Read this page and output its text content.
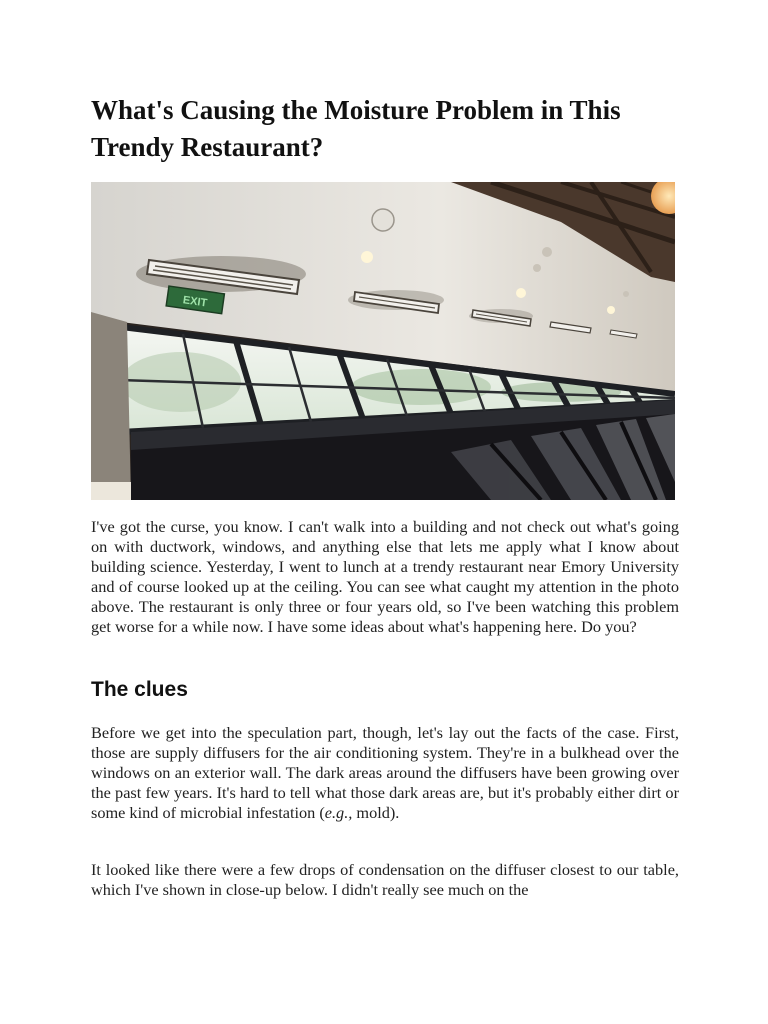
What's Causing the Moisture Problem in This Trendy Restaurant?
EXIT

I've got the curse, you know. I can't walk into a building and not check out what's going on with ductwork, windows, and anything else that lets me apply what I know about building science. Yesterday, I went to lunch at a trendy restaurant near Emory University and of course looked up at the ceiling. You can see what caught my attention in the photo above. The restaurant is only three or four years old, so I've been watching this problem get worse for a while now. I have some ideas about what's happening here. Do you?

The clues

Before we get into the speculation part, though, let's lay out the facts of the case. First, those are supply diffusers for the air conditioning system. They're in a bulkhead over the windows on an exterior wall. The dark areas around the diffusers have been growing over the past few years. It's hard to tell what those dark areas are, but it's probably either dirt or some kind of microbial infestation (e.g., mold).

It looked like there were a few drops of condensation on the diffuser closest to our table, which I've shown in close-up below. I didn't really see much on the
